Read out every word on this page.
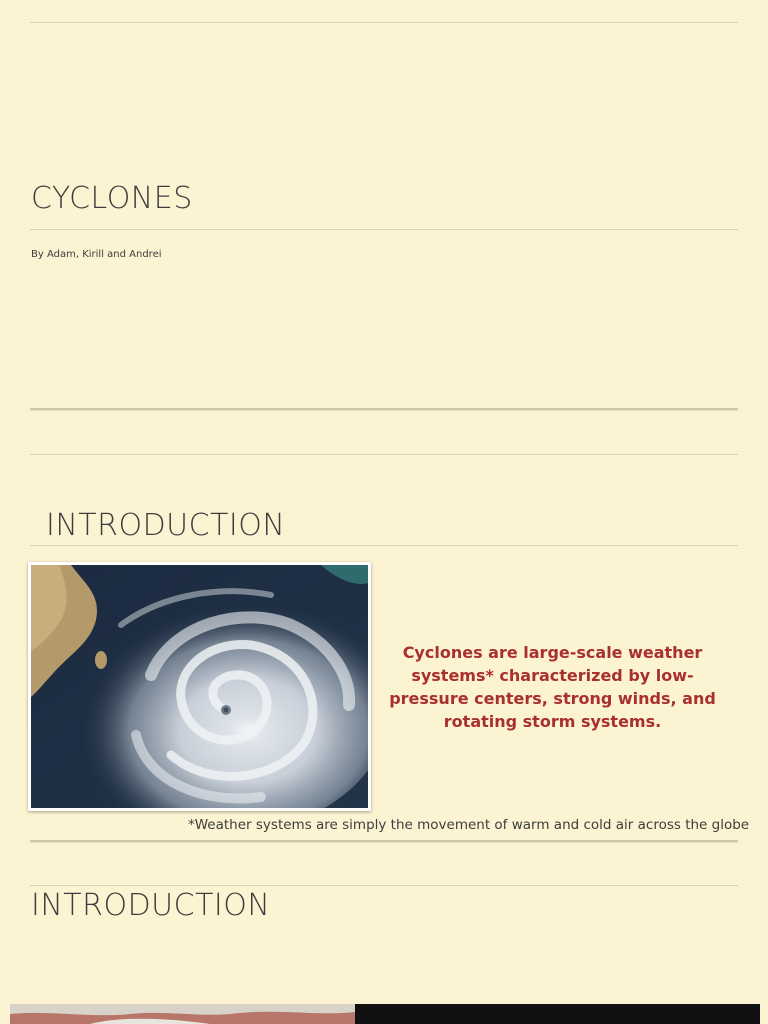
CYCLONES

By Adam, Kirill and Andrei

INTRODUCTION

Cyclones are large-scale weather systems* characterized by low-pressure centers, strong winds, and rotating storm systems.

*Weather systems are simply the movement of warm and cold air across the globe

INTRODUCTION
